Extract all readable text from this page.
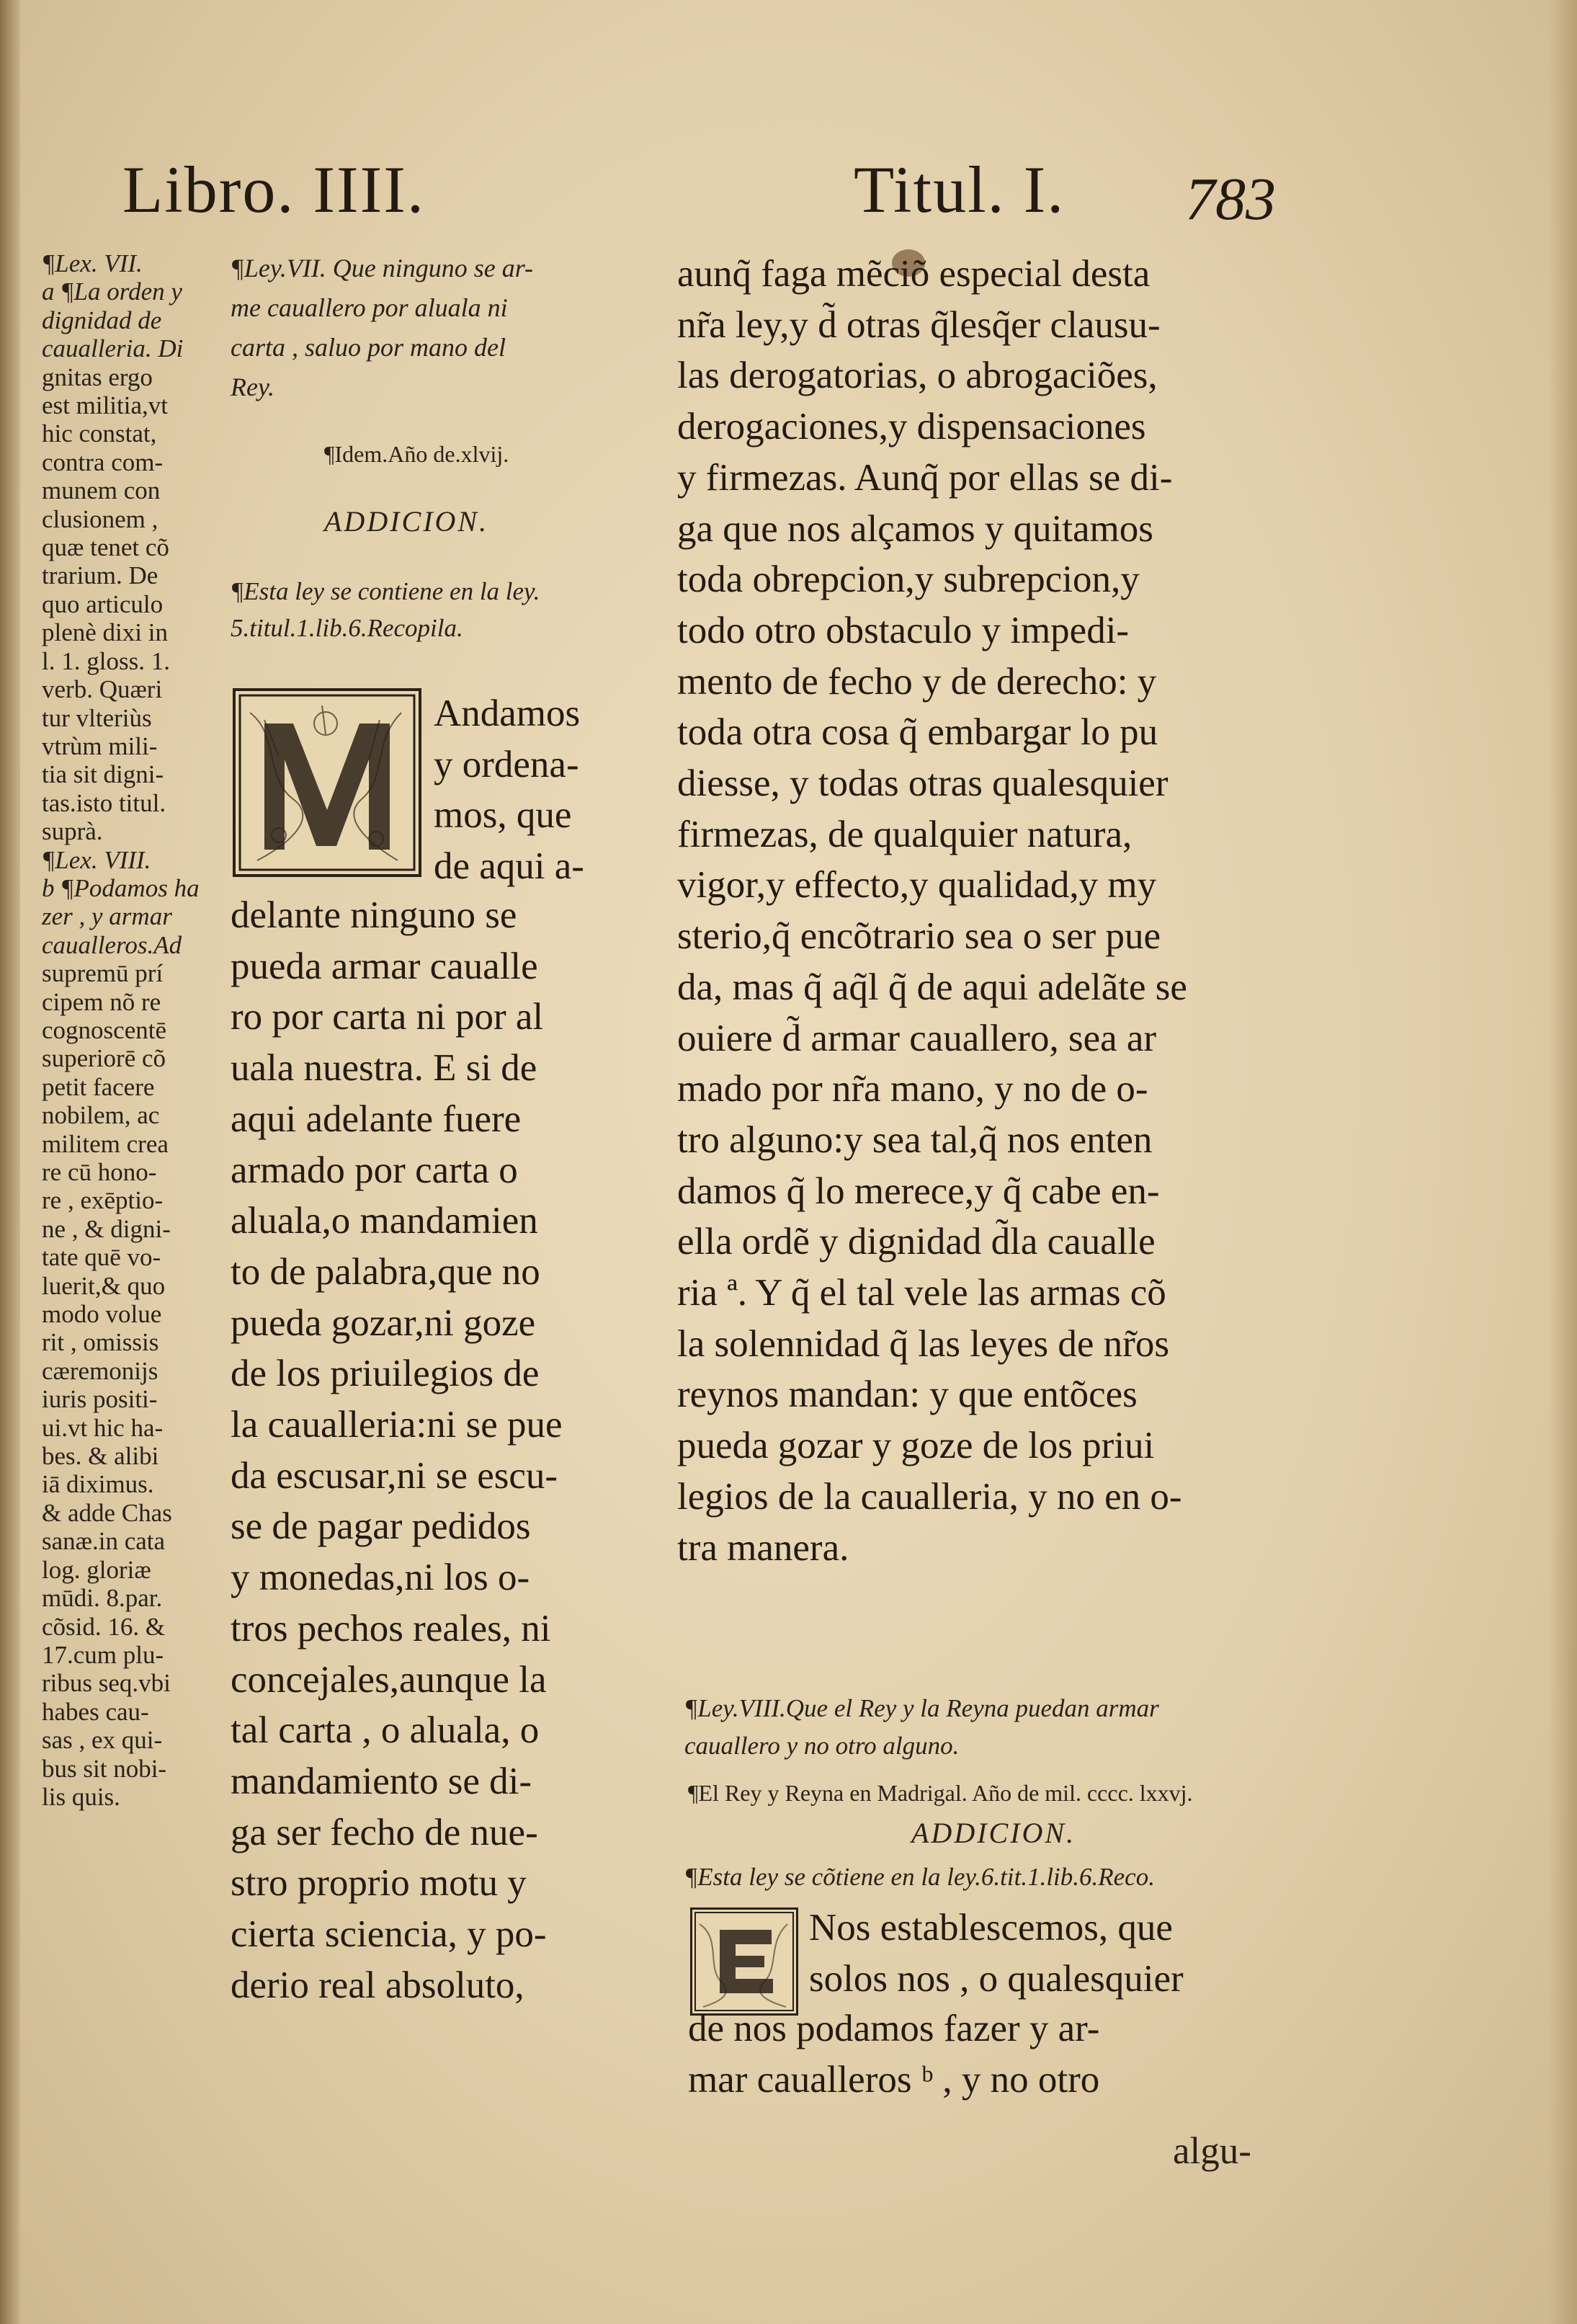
Libro. IIII.	Titul. I. 783
¶Lex. VII.
a ¶La orden y
dignidad de
caualleria. Di
gnitas ergo
est militia,vt
hic constat,
contra com-
munem con
clusionem ,
quæ tenet cõ
trarium. De
quo articulo
plenè dixi in
l. 1. gloss. 1.
verb. Quæri
tur vlteriùs
vtrùm mili-
tia sit digni-
tas.isto titul.
suprà.
¶Lex. VIII.
b ¶Podamos ha
zer , y armar
caualleros.Ad
supremū prí
cipem nõ re
cognoscentē
superiorē cõ
petit facere
nobilem, ac
militem crea
re cū hono-
re , exēptio-
ne , & digni-
tate quē vo-
luerit,& quo
modo volue
rit , omissis
cæremonijs
iuris positi-
ui.vt hic ha-
bes. & alibi
iā diximus.
& adde Chas
sanæ.in cata
log. gloriæ
mūdi. 8.par.
cõsid. 16. &
17.cum plu-
ribus seq.vbi
habes cau-
sas , ex qui-
bus sit nobi-
lis quis.
¶Ley.VII. Que ninguno se ar-
me cauallero por aluala ni
carta , saluo por mano del
Rey.
¶Idem.Año de.xlvij.
ADDICION.
¶Esta ley se contiene en la ley.
5.titul.1.lib.6.Recopila.
Andamos
y ordena-
mos, que
de aqui a-
delante ninguno se
pueda armar caualle
ro por carta ni por al
uala nuestra. E si de
aqui adelante fuere
armado por carta o
aluala,o mandamien
to de palabra,que no
pueda gozar,ni goze
de los priuilegios de
la caualleria:ni se pue
da escusar,ni se escu-
se de pagar pedidos
y monedas,ni los o-
tros pechos reales, ni
concejales,aunque la
tal carta , o aluala, o
mandamiento se di-
ga ser fecho de nue-
stro proprio motu y
cierta sciencia, y po-
derio real absoluto,
aunq̃ faga mẽciõ especial desta
nr̃a ley,y d̃ otras q̃lesq̃er clausu-
las derogatorias, o abrogaciões,
derogaciones,y dispensaciones
y firmezas. Aunq̃ por ellas se di-
ga que nos alçamos y quitamos
toda obrepcion,y subrepcion,y
todo otro obstaculo y impedi-
mento de fecho y de derecho: y
toda otra cosa q̃ embargar lo pu
diesse, y todas otras qualesquier
firmezas, de qualquier natura,
vigor,y effecto,y qualidad,y my
sterio,q̃ encõtrario sea o ser pue
da, mas q̃ aq̃l q̃ de aqui adelãte se
ouiere d̃ armar cauallero, sea ar
mado por nr̃a mano, y no de o-
tro alguno:y sea tal,q̃ nos enten
damos q̃ lo merece,y q̃ cabe en-
ella ordẽ y dignidad d̃la caualle
ria ª. Y q̃ el tal vele las armas cõ
la solennidad q̃ las leyes de nr̃os
reynos mandan: y que entõces
pueda gozar y goze de los priui
legios de la caualleria, y no en o-
tra manera.
¶Ley.VIII.Que el Rey y la Reyna puedan armar
cauallero y no otro alguno.
¶El Rey y Reyna en Madrigal. Año de mil. cccc. lxxvj.
ADDICION.
¶Esta ley se cõtiene en la ley.6.tit.1.lib.6.Reco.
Nos establescemos, que
solos nos , o qualesquier
de nos podamos fazer y ar-
mar caualleros ᵇ , y no otro
algu-
